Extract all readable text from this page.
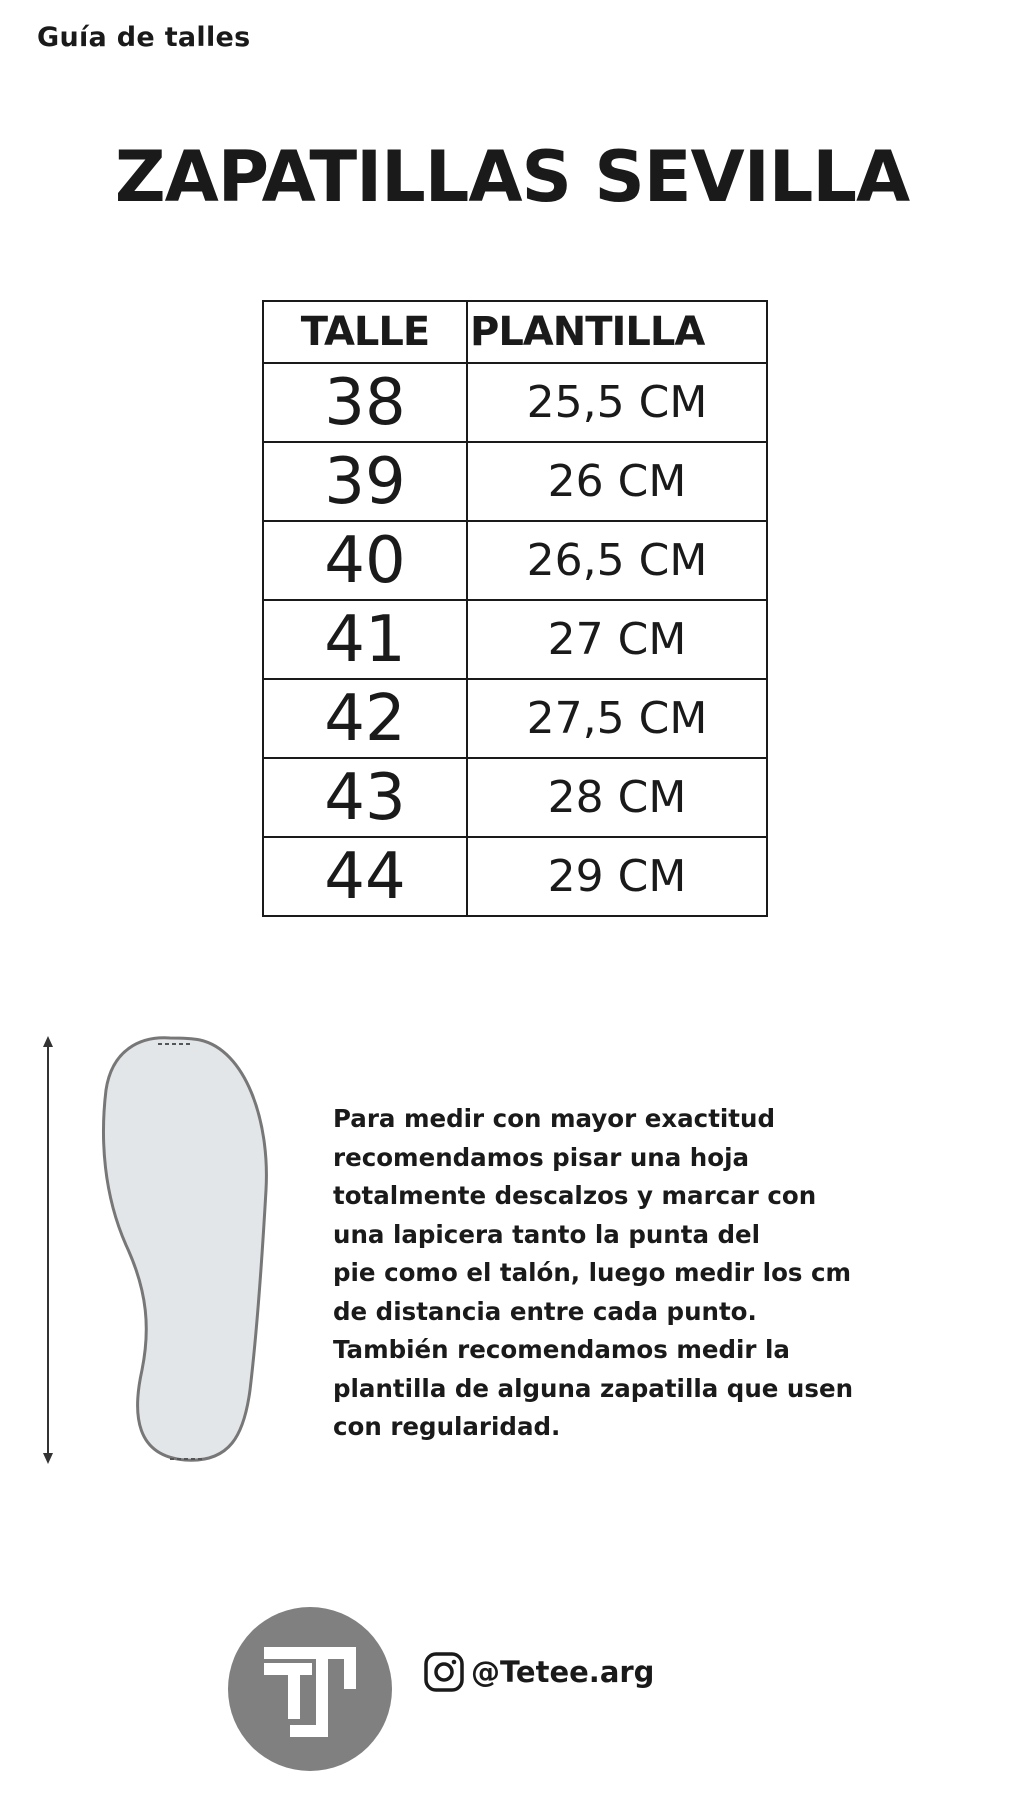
Guía de talles
ZAPATILLAS SEVILLA
TALLE	PLANTILLA
38	25,5 CM
39	26 CM
40	26,5 CM
41	27 CM
42	27,5 CM
43	28 CM
44	29 CM

Para medir con mayor exactitud
recomendamos pisar una hoja
totalmente descalzos y marcar con
una lapicera tanto la punta del
pie como el talón, luego medir los cm
de distancia entre cada punto.
También recomendamos medir la
plantilla de alguna zapatilla que usen
con regularidad.

@Tetee.arg
